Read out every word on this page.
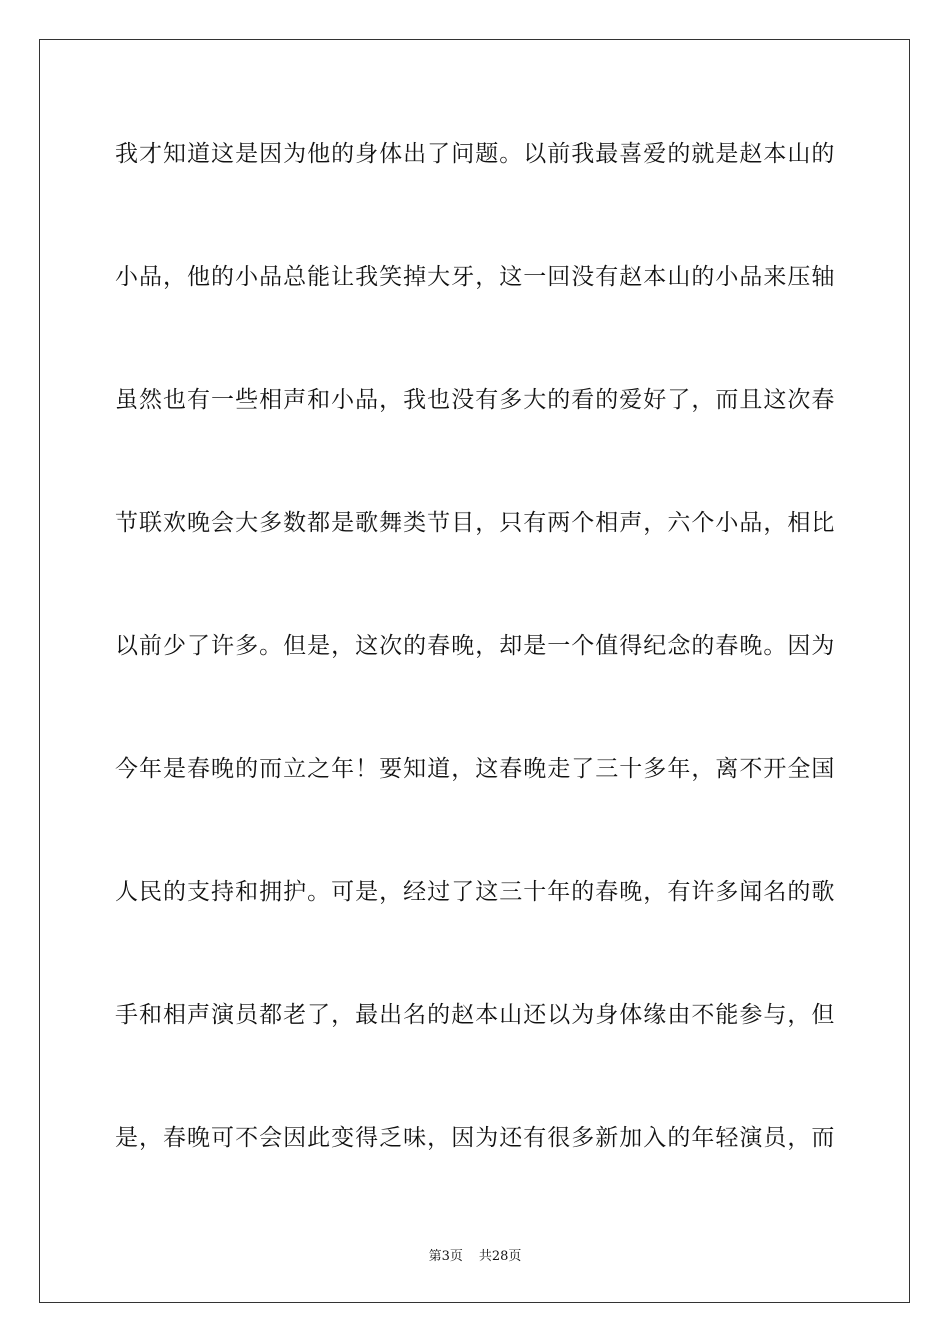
我才知道这是因为他的身体出了问题。以前我最喜爱的就是赵本山的

小品，他的小品总能让我笑掉大牙，这一回没有赵本山的小品来压轴

虽然也有一些相声和小品，我也没有多大的看的爱好了，而且这次春

节联欢晚会大多数都是歌舞类节目，只有两个相声，六个小品，相比

以前少了许多。但是，这次的春晚，却是一个值得纪念的春晚。因为

今年是春晚的而立之年！要知道，这春晚走了三十多年，离不开全国

人民的支持和拥护。可是，经过了这三十年的春晚，有许多闻名的歌

手和相声演员都老了，最出名的赵本山还以为身体缘由不能参与，但

是，春晚可不会因此变得乏味，因为还有很多新加入的年轻演员，而

第3页 共28页
